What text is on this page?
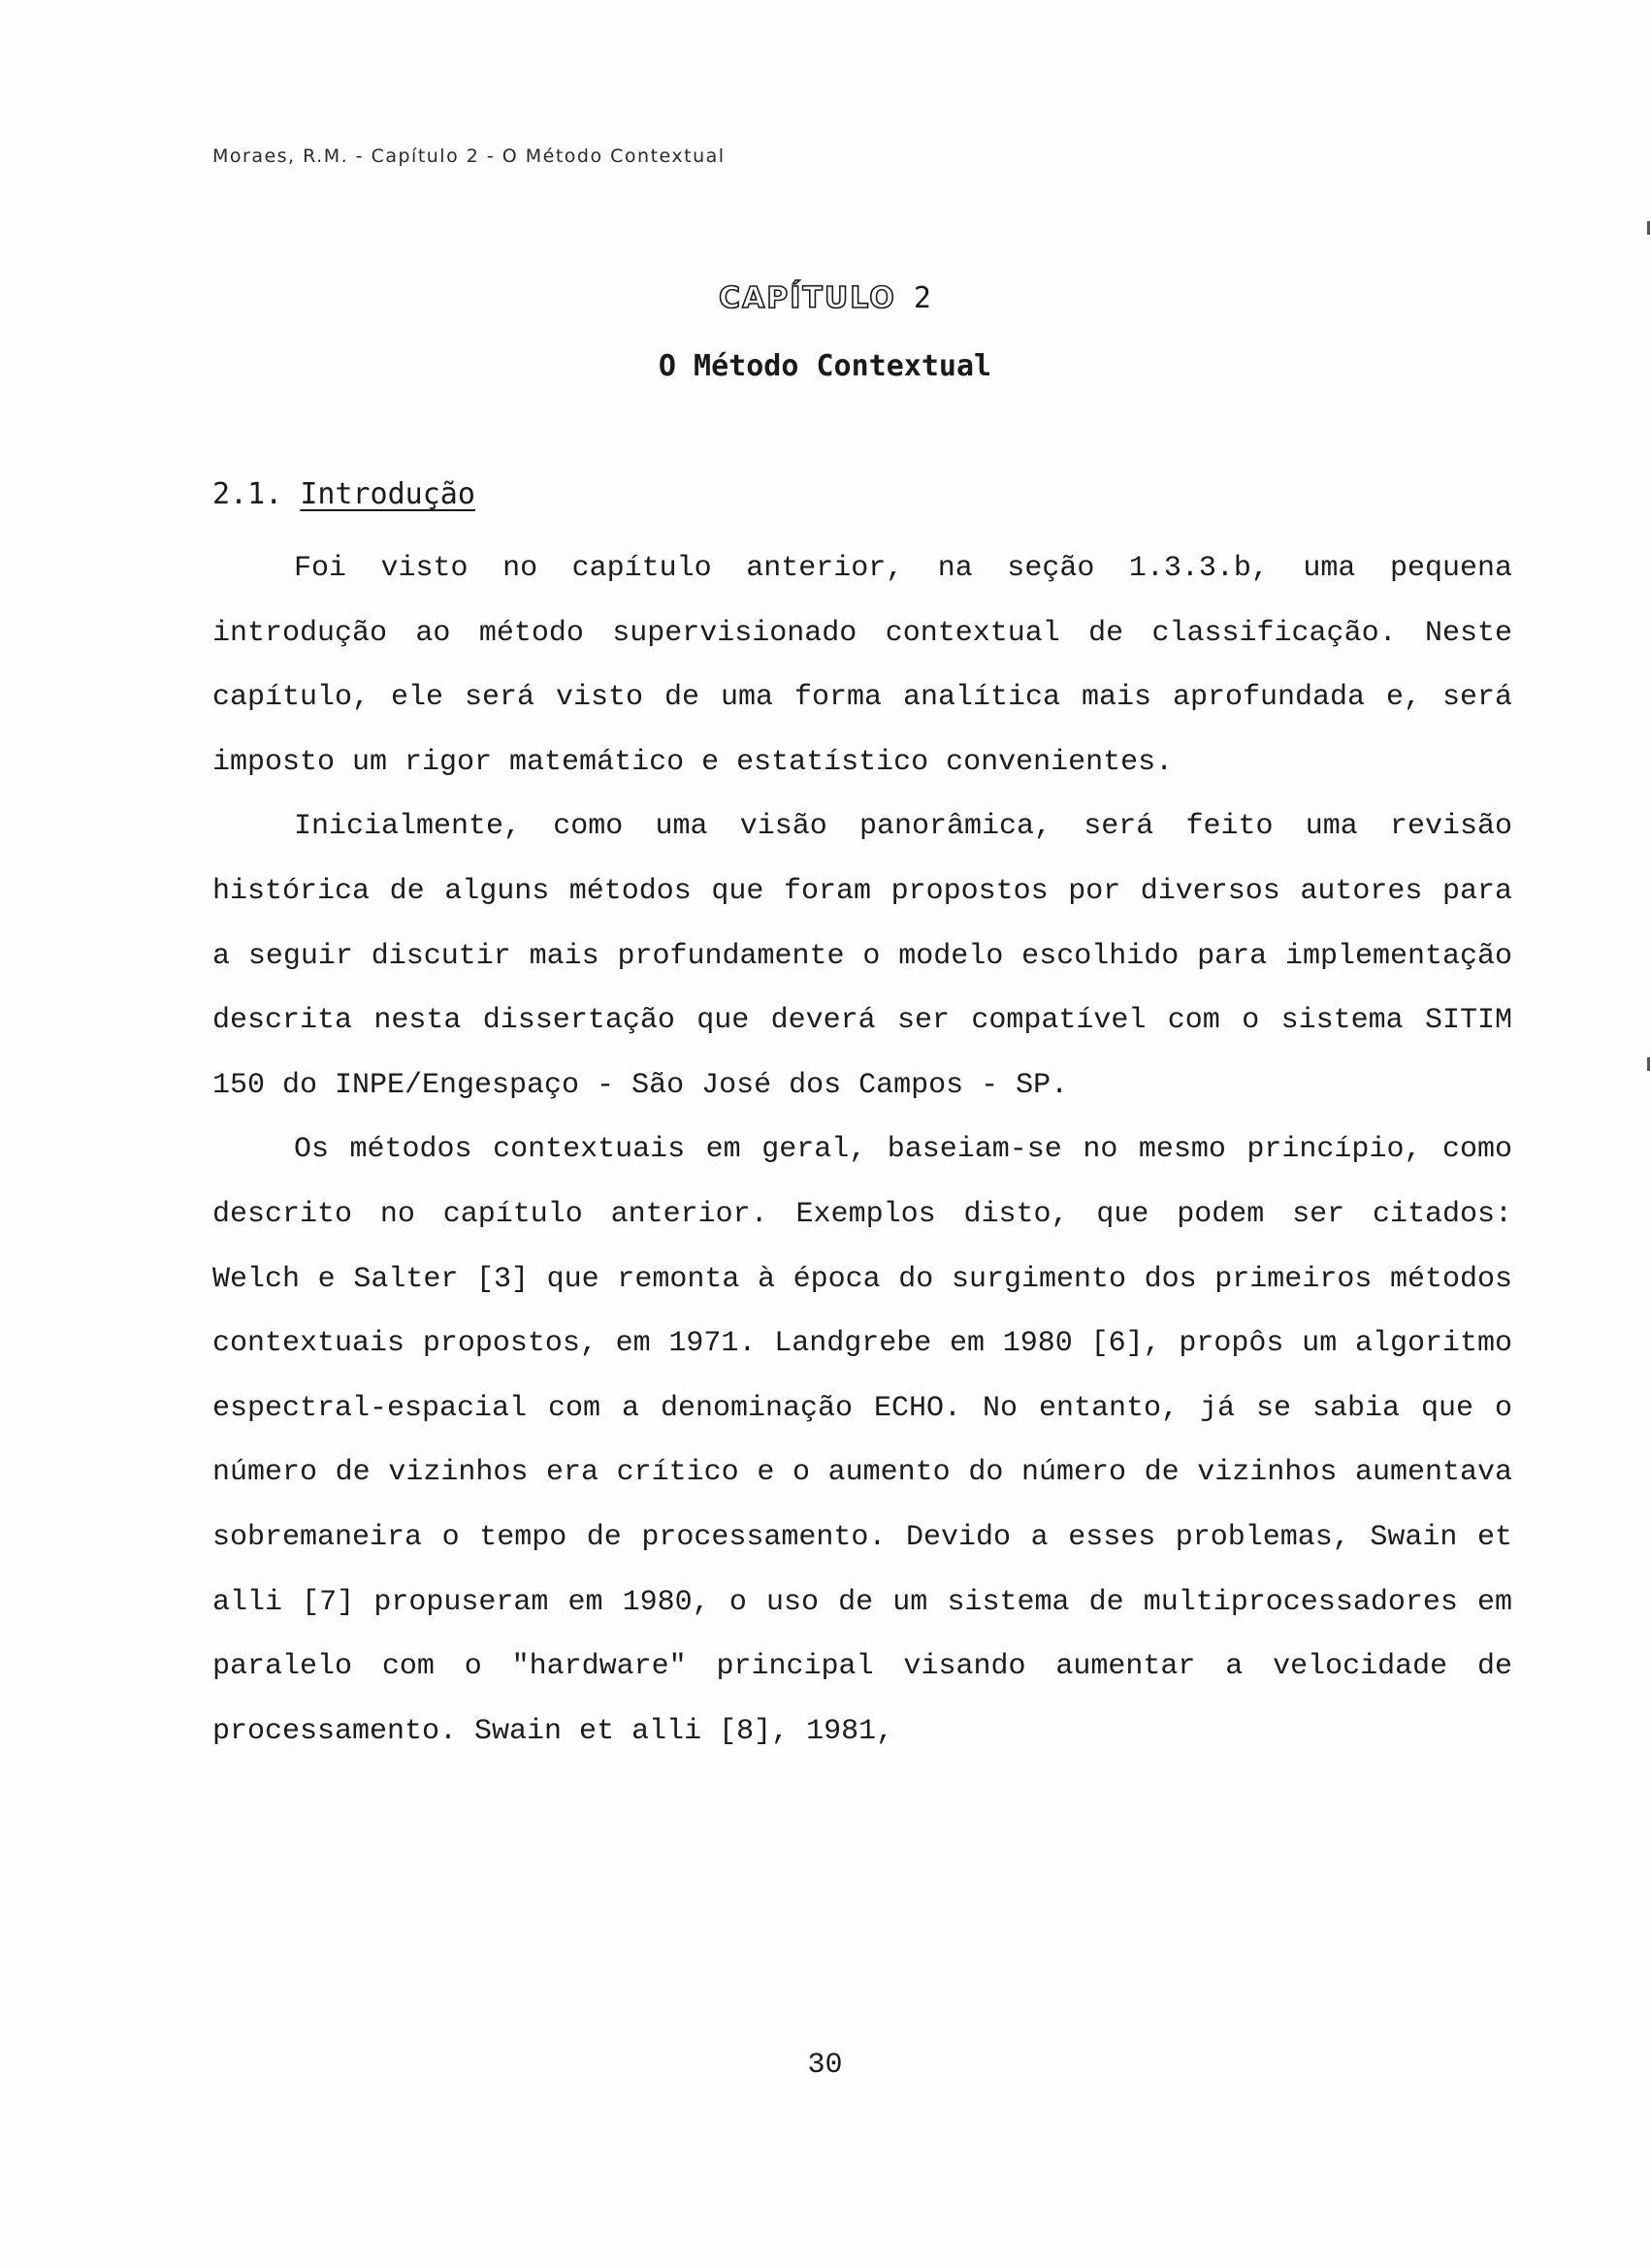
Moraes, R.M. - Capítulo 2 - O Método Contextual
CAPÍTULO 2
O Método Contextual
2.1. Introdução

Foi visto no capítulo anterior, na seção 1.3.3.b, uma pequena introdução ao método supervisionado contextual de classificação. Neste capítulo, ele será visto de uma forma analítica mais aprofundada e, será imposto um rigor matemático e estatístico convenientes.

Inicialmente, como uma visão panorâmica, será feito uma revisão histórica de alguns métodos que foram propostos por diversos autores para a seguir discutir mais profundamente o modelo escolhido para implementação descrita nesta dissertação que deverá ser compatível com o sistema SITIM 150 do INPE/Engespaço - São José dos Campos - SP.

Os métodos contextuais em geral, baseiam-se no mesmo princípio, como descrito no capítulo anterior. Exemplos disto, que podem ser citados: Welch e Salter [3] que remonta à época do surgimento dos primeiros métodos contextuais propostos, em 1971. Landgrebe em 1980 [6], propôs um algoritmo espectral-espacial com a denominação ECHO. No entanto, já se sabia que o número de vizinhos era crítico e o aumento do número de vizinhos aumentava sobremaneira o tempo de processamento. Devido a esses problemas, Swain et alli [7] propuseram em 1980, o uso de um sistema de multiprocessadores em paralelo com o "hardware" principal visando aumentar a velocidade de processamento. Swain et alli [8], 1981,

30
